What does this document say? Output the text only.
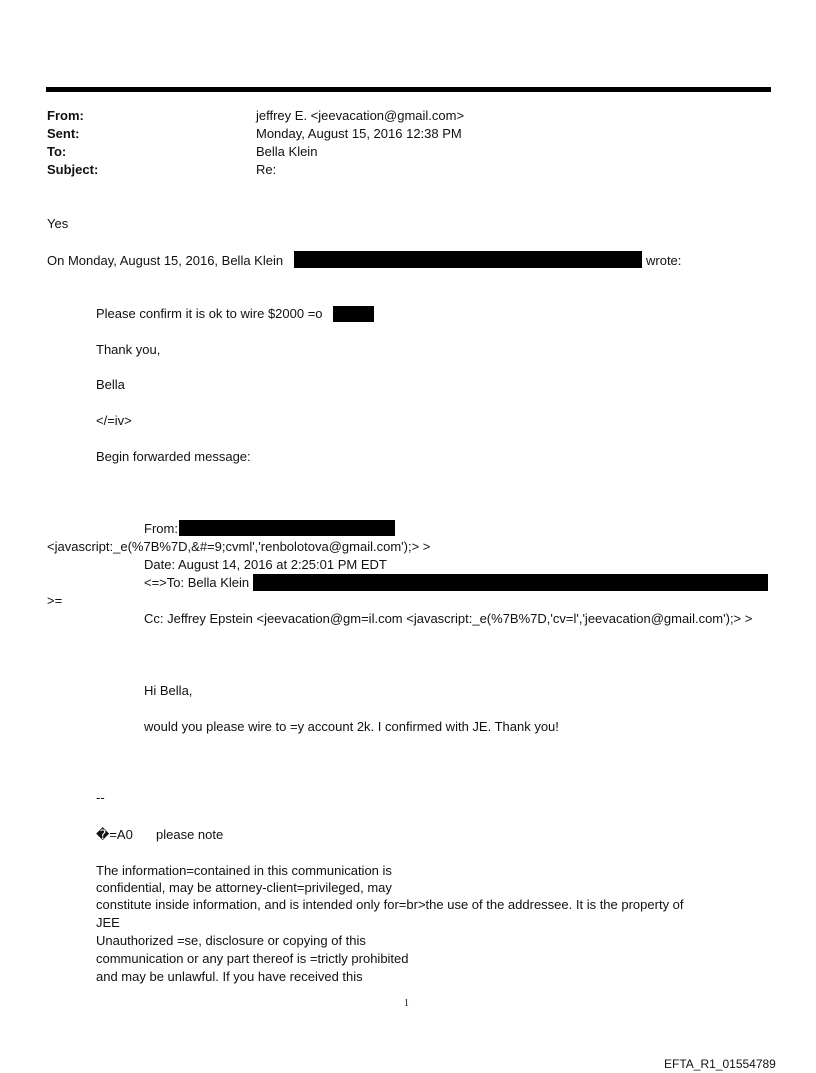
From:	jeffrey E. <jeevacation@gmail.com>
Sent:	Monday, August 15, 2016 12:38 PM
To:	Bella Klein
Subject:	Re:
Yes
On Monday, August 15, 2016, Bella Klein	wrote:
Please confirm it is ok to wire $2000 =o
Thank you,
Bella
</=iv>
Begin forwarded message:
From:
<javascript:_e(%7B%7D,&#=9;cvml','renbolotova@gmail.com');> >
Date: August 14, 2016 at 2:25:01 PM EDT
<=>To: Bella Klein
>=
Cc: Jeffrey Epstein <jeevacation@gm=il.com <javascript:_e(%7B%7D,'cv=l','jeevacation@gmail.com');> >
Hi Bella,
would you please wire to =y account 2k. I confirmed with JE. Thank you!
--
�=A0 please note
The information=contained in this communication is
confidential, may be attorney-client=privileged, may
constitute inside information, and is intended only for=br>the use of the addressee. It is the property of
JEE
Unauthorized =se, disclosure or copying of this
communication or any part thereof is =trictly prohibited
and may be unlawful. If you have received this
1
EFTA_R1_01554789
